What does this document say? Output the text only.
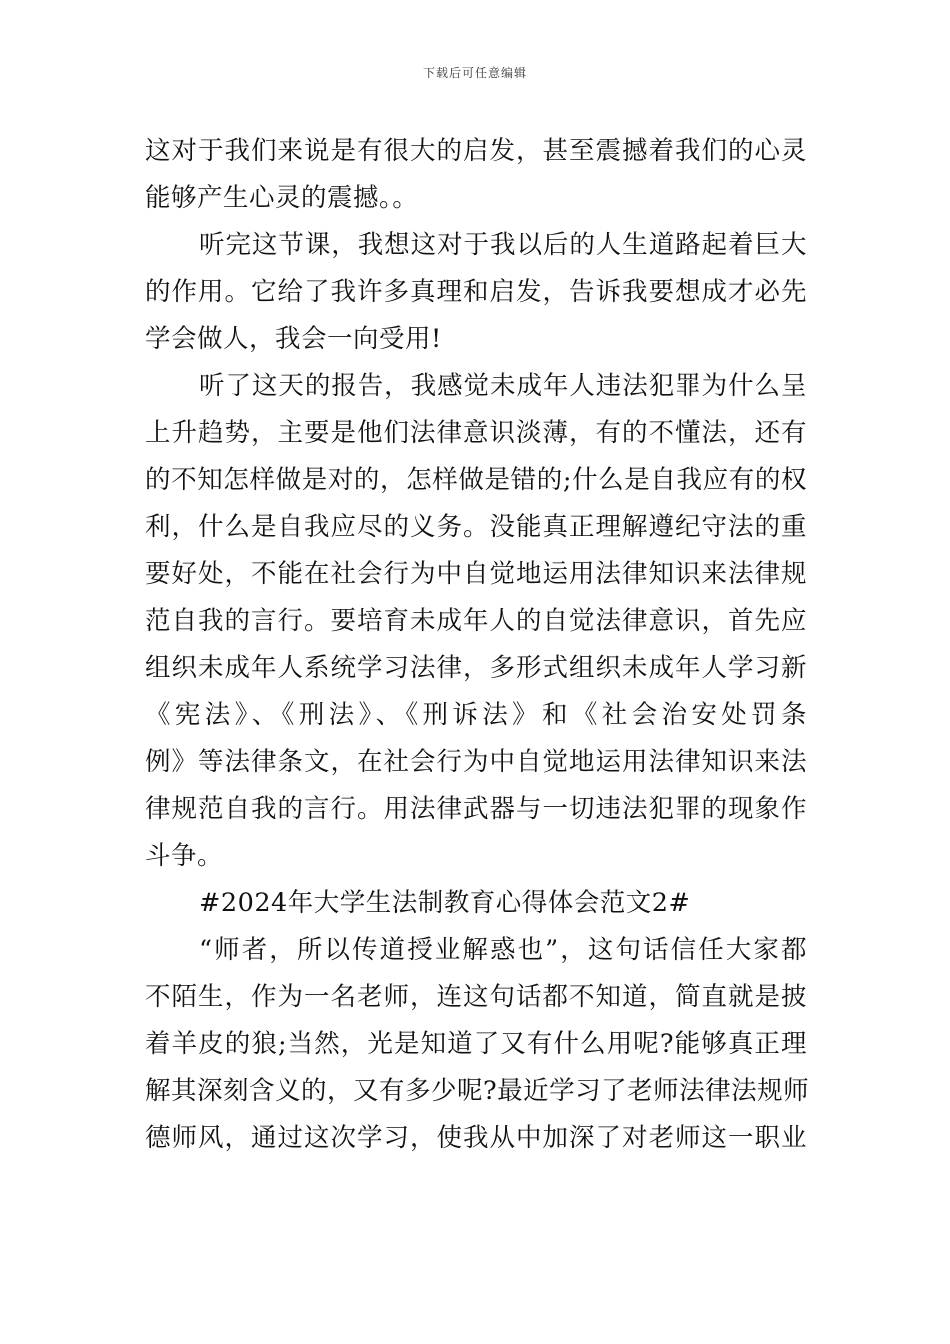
下载后可任意编辑
这对于我们来说是有很大的启发，甚至震撼着我们的心灵
能够产生心灵的震撼。。
听完这节课，我想这对于我以后的人生道路起着巨大
的作用。它给了我许多真理和启发，告诉我要想成才必先
学会做人，我会一向受用!
听了这天的报告，我感觉未成年人违法犯罪为什么呈
上升趋势，主要是他们法律意识淡薄，有的不懂法，还有
的不知怎样做是对的，怎样做是错的;什么是自我应有的权
利，什么是自我应尽的义务。没能真正理解遵纪守法的重
要好处，不能在社会行为中自觉地运用法律知识来法律规
范自我的言行。要培育未成年人的自觉法律意识，首先应
组织未成年人系统学习法律，多形式组织未成年人学习新
《宪法》、《刑法》、《刑诉法》和《社会治安处罚条
例》等法律条文，在社会行为中自觉地运用法律知识来法
律规范自我的言行。用法律武器与一切违法犯罪的现象作
斗争。
#2024年大学生法制教育心得体会范文2#
“师者，所以传道授业解惑也”，这句话信任大家都
不陌生，作为一名老师，连这句话都不知道，简直就是披
着羊皮的狼;当然，光是知道了又有什么用呢?能够真正理
解其深刻含义的，又有多少呢?最近学习了老师法律法规师
德师风，通过这次学习，使我从中加深了对老师这一职业
